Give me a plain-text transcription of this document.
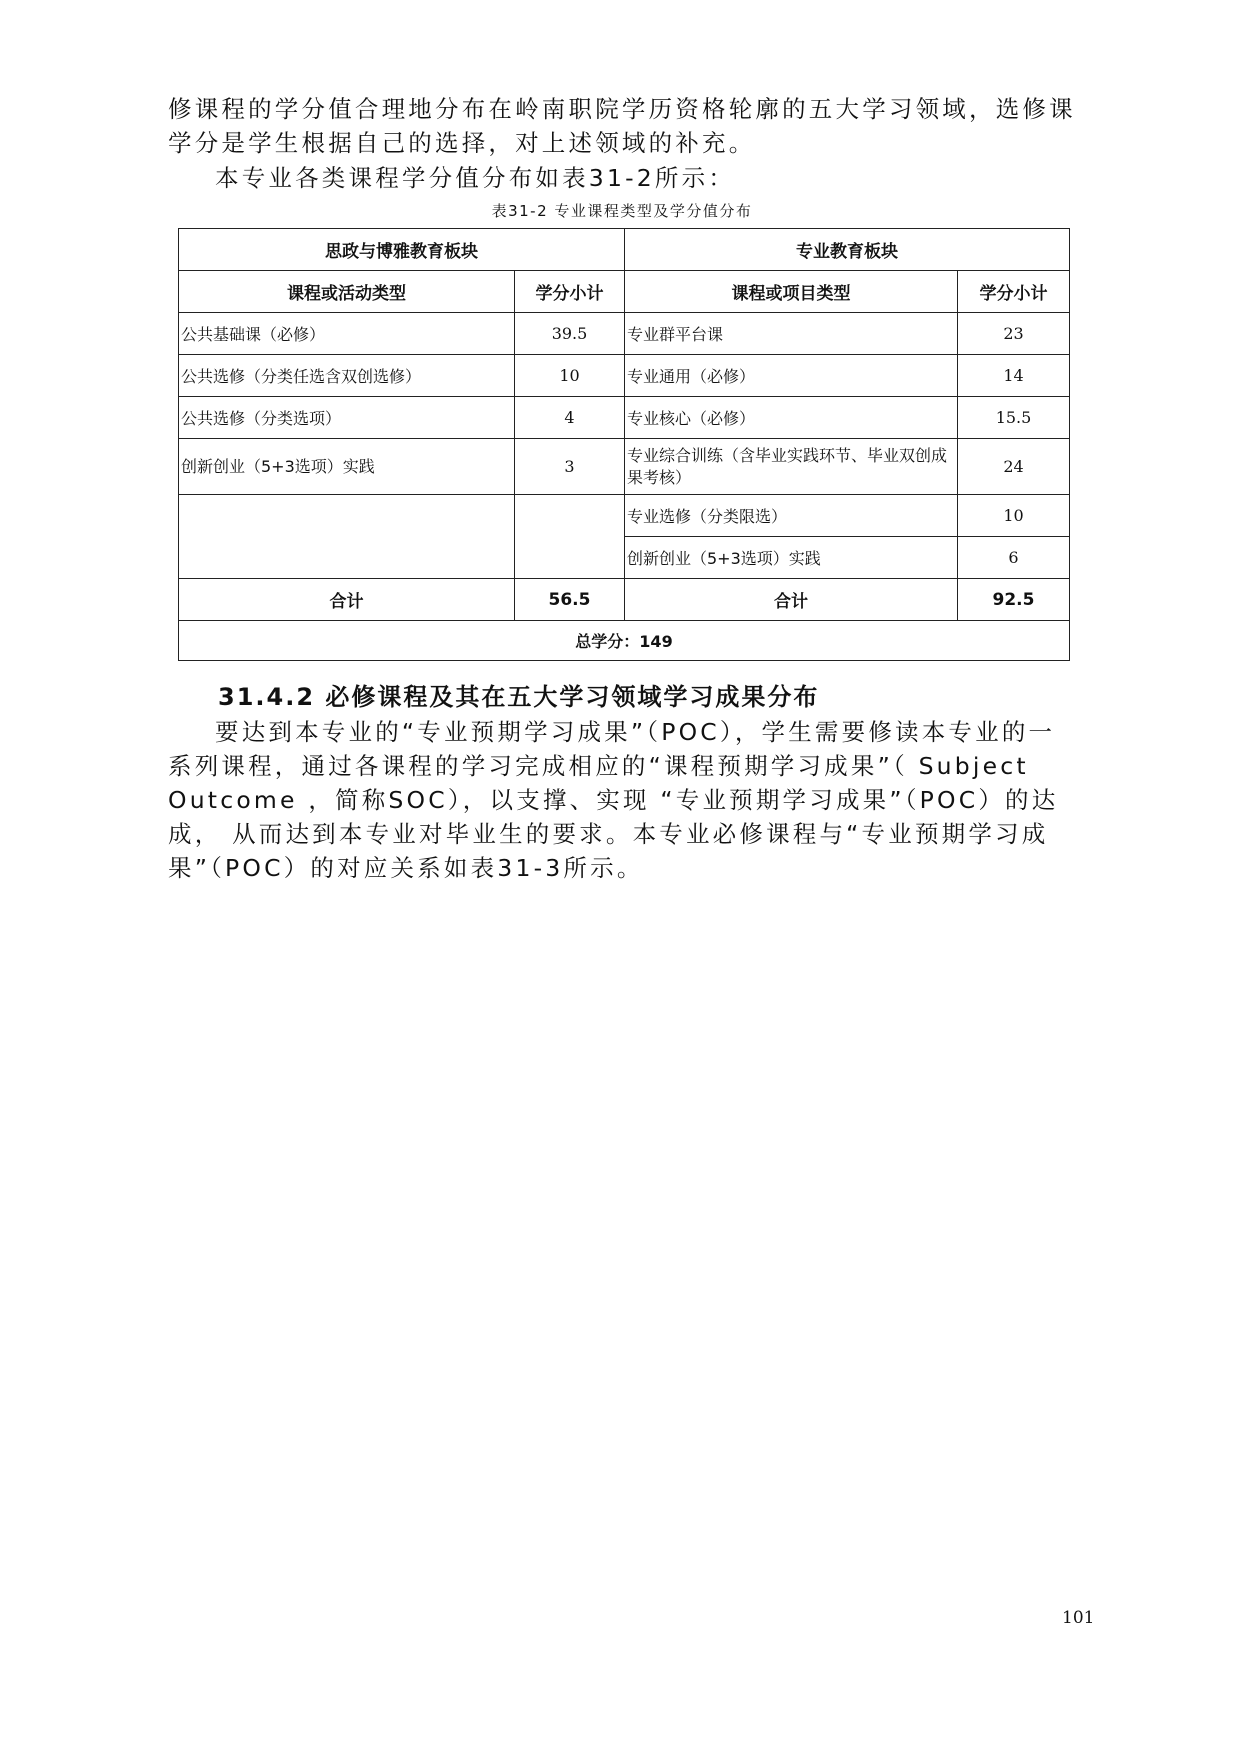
修课程的学分值合理地分布在岭南职院学历资格轮廓的五大学习领域，选修课学分是学生根据自己的选择，对上述领域的补充。

本专业各类课程学分值分布如表31-2所示：

表31-2 专业课程类型及学分值分布
思政与博雅教育板块		专业教育板块	
课程或活动类型	学分小计	课程或项目类型	学分小计
公共基础课（必修）	39.5	专业群平台课	23
公共选修（分类任选含双创选修）	10	专业通用（必修）	14
公共选修（分类选项）	4	专业核心（必修）	15.5
创新创业（5+3选项）实践	3	专业综合训练（含毕业实践环节、毕业双创成果考核）	24
		专业选修（分类限选）	10
		创新创业（5+3选项）实践	6
合计	56.5	合计	92.5
总学分：149			
31.4.2 必修课程及其在五大学习领域学习成果分布

要达到本专业的“专业预期学习成果”（POC），学生需要修读本专业的一系列课程，通过各课程的学习完成相应的“课程预期学习成果”（ Subject Outcome ，简称SOC），以支撑、实现 “专业预期学习成果”（POC）的达成， 从而达到本专业对毕业生的要求。本专业必修课程与“专业预期学习成果”（POC）的对应关系如表31-3所示。

101
